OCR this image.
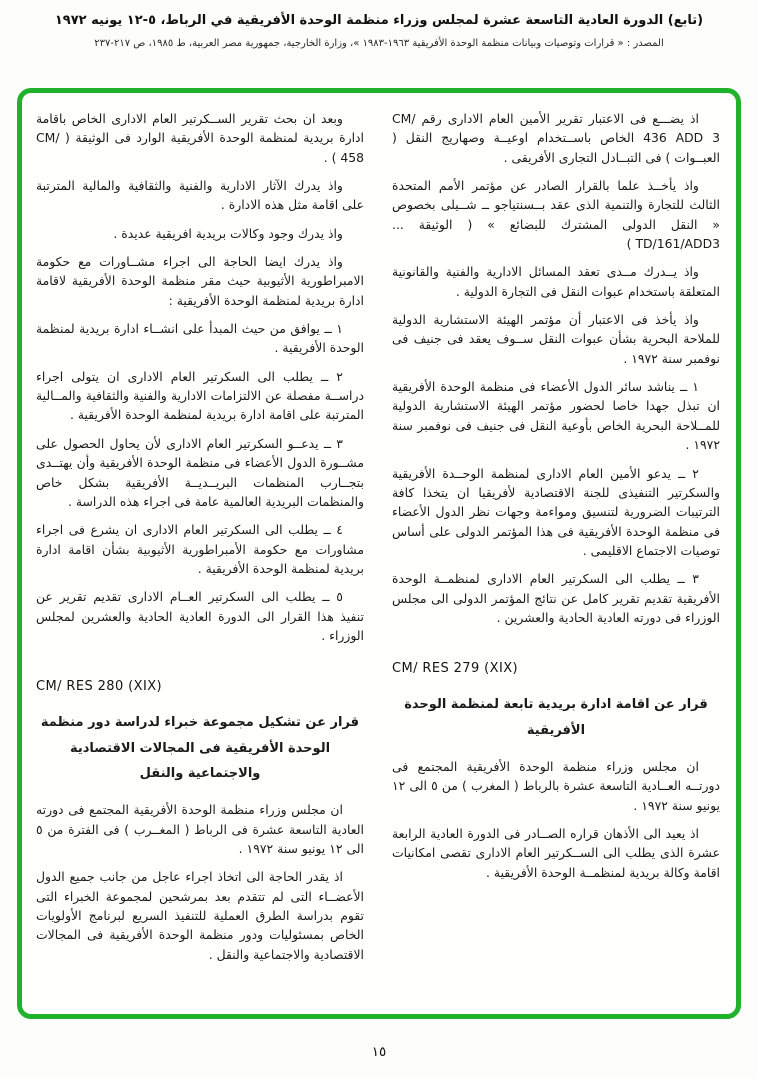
(تابع) الدورة العادية التاسعة عشرة لمجلس وزراء منظمة الوحدة الأفريقية في الرباط، ٥-١٢ يونيه ١٩٧٢
المصدر : « قرارات وتوصيات وبيانات منظمة الوحدة الأفريقية ١٩٦٣-١٩٨٣ »، وزارة الخارجية، جمهورية مصر العربية، ط ١٩٨٥، ص ٢١٧-٢٣٧

اذ يضـــع فى الاعتبار تقرير الأمين العام الادارى رقم CM/ 436 ADD 3 الخاص باســتخدام اوعيــة وصهاريج النقل ( العبــوات ) فى التبــادل التجارى الأفريقى .

واذ يأخــذ علما بالقرار الصادر عن مؤتمر الأمم المتحدة الثالث للتجارة والتنمية الذى عقد بــسنتياجو ــ شــيلى بخصوص « النقل الدولى المشترك للبضائع » ( الوثيقة ... TD/161/ADD3 )

واذ يــدرك مــدى تعقد المسائل الادارية والفنية والقانونية المتعلقة باستخدام عبوات النقل فى التجارة الدولية .

واذ يأخذ فى الاعتبار أن مؤتمر الهيئة الاستشارية الدولية للملاحة البحرية بشأن عبوات النقل ســوف يعقد فى جنيف فى نوفمبر سنة ١٩٧٢ .

١ ــ يناشد سائر الدول الأعضاء فى منظمة الوحدة الأفريقية ان تبذل جهدا خاصا لحضور مؤتمر الهيئة الاستشارية الدولية للمــلاحة البحرية الخاص بأوعية النقل فى جنيف فى نوفمبر سنة ١٩٧٢ .

٢ ــ يدعو الأمين العام الادارى لمنظمة الوحــدة الأفريقية والسكرتير التنفيذى للجنة الاقتصادية لأفريقيا ان يتخذا كافة الترتيبات الضرورية لتنسيق ومواءمة وجهات نظر الدول الأعضاء فى منظمة الوحدة الأفريقية فى هذا المؤتمر الدولى على أساس توصيات الاجتماع الاقليمى .

٣ ــ يطلب الى السكرتير العام الادارى لمنظمــة الوحدة الأفريقية تقديم تقرير كامل عن نتائج المؤتمر الدولى الى مجلس الوزراء فى دورته العادية الحادية والعشرين .

CM/ RES 279 (XIX)

قرار عن اقامة ادارة بريدية تابعة لمنظمة الوحدة الأفريقية

ان مجلس وزراء منظمة الوحدة الأفريقية المجتمع فى دورتــه العــادية التاسعة عشرة بالرباط ( المغرب ) من ٥ الى ١٢ يونيو سنة ١٩٧٢ .

اذ يعيد الى الأذهان قراره الصــادر فى الدورة العادية الرابعة عشرة الذى يطلب الى الســكرتير العام الادارى تقصى امكانيات اقامة وكالة بريدية لمنظمــة الوحدة الأفريقية .

وبعد ان بحث تقرير الســكرتير العام الادارى الخاص باقامة ادارة بريدية لمنظمة الوحدة الأفريقية الوارد فى الوثيقة ( CM/ 458 ) .

واذ يدرك الآثار الادارية والفنية والثقافية والمالية المترتبة على اقامة مثل هذه الادارة .

واذ يدرك وجود وكالات بريدية افريقية عديدة .

واذ يدرك ايضا الحاجة الى اجراء مشــاورات مع حكومة الامبراطورية الأثيوبية حيث مقر منظمة الوحدة الأفريقية لاقامة ادارة بريدية لمنظمة الوحدة الأفريقية :

١ ــ يوافق من حيث المبدأ على انشــاء ادارة بريدية لمنظمة الوحدة الأفريقية .

٢ ــ يطلب الى السكرتير العام الادارى ان يتولى اجراء دراســة مفصلة عن الالتزامات الادارية والفنية والثقافية والمــالية المترتبة على اقامة ادارة بريدية لمنظمة الوحدة الأفريقية .

٣ ــ يدعــو السكرتير العام الادارى لأن يحاول الحصول على مشــورة الدول الأعضاء فى منظمة الوحدة الأفريقية وأن يهتــدى بتجــارب المنظمات البريــديــة الأفريقية بشكل خاص والمنظمات البريدية العالمية عامة فى اجراء هذه الدراسة .

٤ ــ يطلب الى السكرتير العام الادارى ان يشرع فى اجراء مشاورات مع حكومة الأمبراطورية الأثيوبية بشأن اقامة ادارة بريدية لمنظمة الوحدة الأفريقية .

٥ ــ يطلب الى السكرتير العــام الادارى تقديم تقرير عن تنفيذ هذا القرار الى الدورة العادية الحادية والعشرين لمجلس الوزراء .

CM/ RES 280 (XIX)

قرار عن تشكيل مجموعة خبراء لدراسة دور منظمة الوحدة الأفريقية فى المجالات الاقتصادية والاجتماعية والنقل

ان مجلس وزراء منظمة الوحدة الأفريقية المجتمع فى دورته العادية التاسعة عشرة فى الرباط ( المغــرب ) فى الفترة من ٥ الى ١٢ يونيو سنة ١٩٧٢ .

اذ يقدر الحاجة الى اتخاذ اجراء عاجل من جانب جميع الدول الأعضــاء التى لم تتقدم بعد بمرشحين لمجموعة الخبراء التى تقوم بدراسة الطرق العملية للتنفيذ السريع لبرنامج الأولويات الخاص بمسئوليات ودور منظمة الوحدة الأفريقية فى المجالات الاقتصادية والاجتماعية والنقل .

١٥
